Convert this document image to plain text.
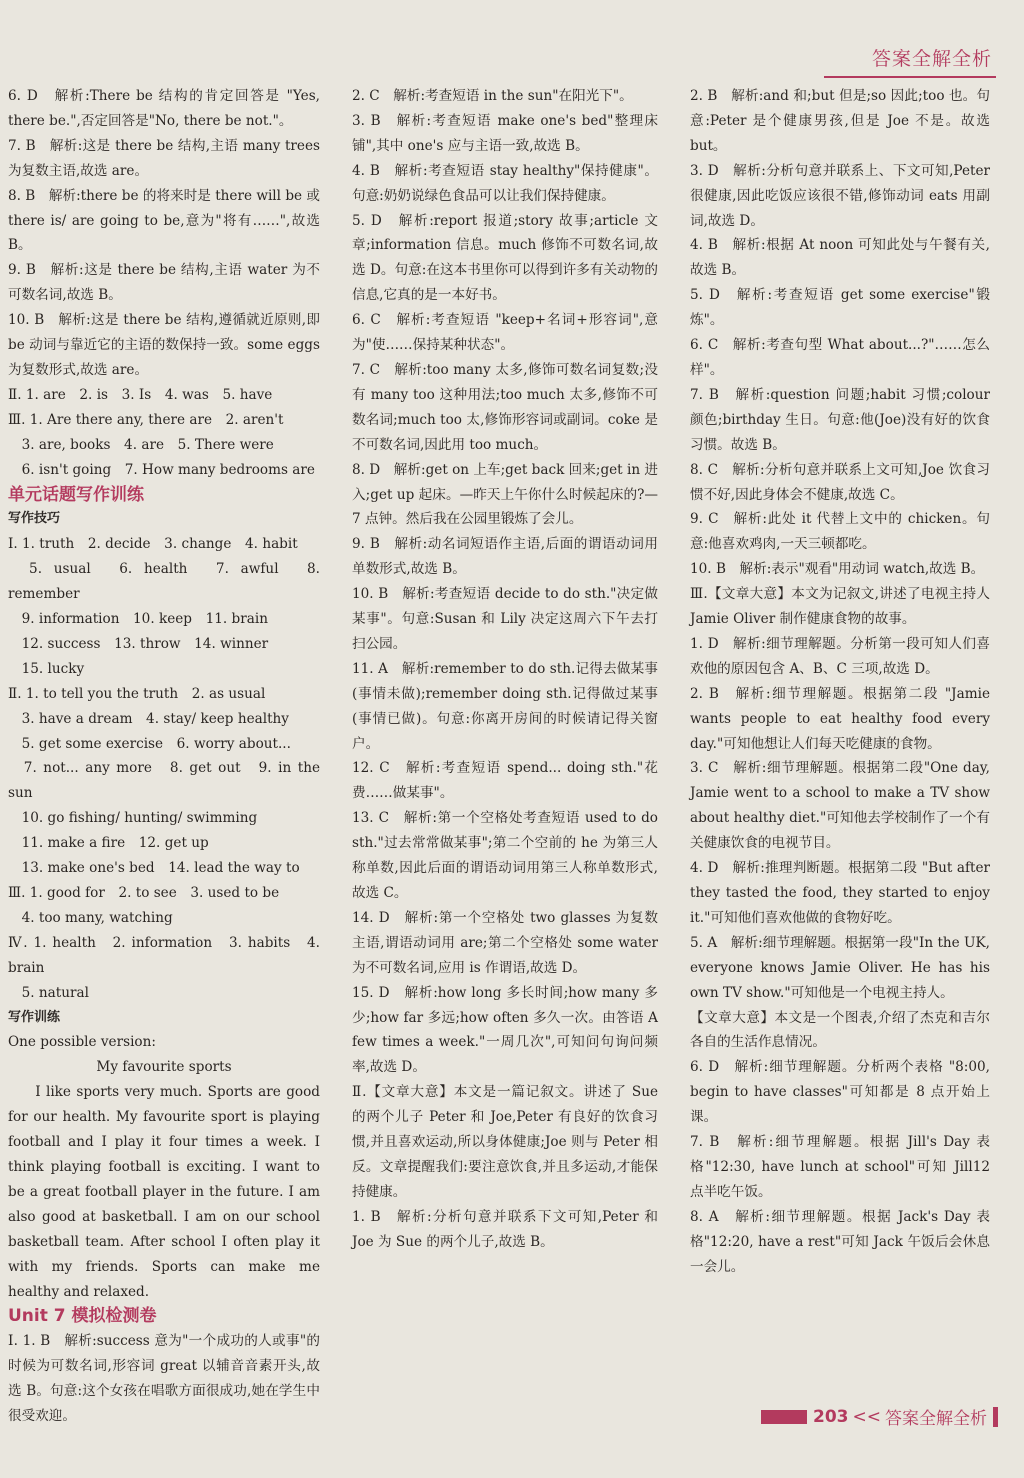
答案全解全析

6. D　解析:There be 结构的肯定回答是 "Yes, there be.",否定回答是"No, there be not."。

7. B　解析:这是 there be 结构,主语 many trees 为复数主语,故选 are。

8. B　解析:there be 的将来时是 there will be 或 there is/ are going to be,意为"将有……",故选 B。

9. B　解析:这是 there be 结构,主语 water 为不可数名词,故选 B。

10. B　解析:这是 there be 结构,遵循就近原则,即 be 动词与靠近它的主语的数保持一致。some eggs 为复数形式,故选 are。

Ⅱ. 1. are　2. is　3. Is　4. was　5. have

Ⅲ. 1. Are there any, there are　2. aren't

　3. are, books　4. are　5. There were

　6. isn't going　7. How many bedrooms are

单元话题写作训练

写作技巧

Ⅰ. 1. truth　2. decide　3. change　4. habit

　5. usual　6. health　7. awful　8. remember

　9. information　10. keep　11. brain

　12. success　13. throw　14. winner

　15. lucky

Ⅱ. 1. to tell you the truth　2. as usual

　3. have a dream　4. stay/ keep healthy

　5. get some exercise　6. worry about...

　7. not... any more　8. get out　9. in the sun

　10. go fishing/ hunting/ swimming

　11. make a fire　12. get up

　13. make one's bed　14. lead the way to

Ⅲ. 1. good for　2. to see　3. used to be

　4. too many, watching

Ⅳ. 1. health　2. information　3. habits　4. brain

　5. natural

写作训练

One possible version:

My favourite sports

I like sports very much. Sports are good for our health. My favourite sport is playing football and I play it four times a week. I think playing football is exciting. I want to be a great football player in the future. I am also good at basketball. I am on our school basketball team. After school I often play it with my friends. Sports can make me healthy and relaxed.

Unit 7 模拟检测卷

Ⅰ. 1. B　解析:success 意为"一个成功的人或事"的时候为可数名词,形容词 great 以辅音音素开头,故选 B。句意:这个女孩在唱歌方面很成功,她在学生中很受欢迎。

2. C　解析:考查短语 in the sun"在阳光下"。

3. B　解析:考查短语 make one's bed"整理床铺",其中 one's 应与主语一致,故选 B。

4. B　解析:考查短语 stay healthy"保持健康"。句意:奶奶说绿色食品可以让我们保持健康。

5. D　解析:report 报道;story 故事;article 文章;information 信息。much 修饰不可数名词,故选 D。句意:在这本书里你可以得到许多有关动物的信息,它真的是一本好书。

6. C　解析:考查短语 "keep+名词+形容词",意为"使……保持某种状态"。

7. C　解析:too many 太多,修饰可数名词复数;没有 many too 这种用法;too much 太多,修饰不可数名词;much too 太,修饰形容词或副词。coke 是不可数名词,因此用 too much。

8. D　解析:get on 上车;get back 回来;get in 进入;get up 起床。—昨天上午你什么时候起床的?—7 点钟。然后我在公园里锻炼了会儿。

9. B　解析:动名词短语作主语,后面的谓语动词用单数形式,故选 B。

10. B　解析:考查短语 decide to do sth."决定做某事"。句意:Susan 和 Lily 决定这周六下午去打扫公园。

11. A　解析:remember to do sth.记得去做某事(事情未做);remember doing sth.记得做过某事(事情已做)。句意:你离开房间的时候请记得关窗户。

12. C　解析:考查短语 spend... doing sth."花费……做某事"。

13. C　解析:第一个空格处考查短语 used to do sth."过去常常做某事";第二个空前的 he 为第三人称单数,因此后面的谓语动词用第三人称单数形式,故选 C。

14. D　解析:第一个空格处 two glasses 为复数主语,谓语动词用 are;第二个空格处 some water 为不可数名词,应用 is 作谓语,故选 D。

15. D　解析:how long 多长时间;how many 多少;how far 多远;how often 多久一次。由答语 A few times a week."一周几次",可知问句询问频率,故选 D。

Ⅱ.【文章大意】本文是一篇记叙文。讲述了 Sue 的两个儿子 Peter 和 Joe,Peter 有良好的饮食习惯,并且喜欢运动,所以身体健康;Joe 则与 Peter 相反。文章提醒我们:要注意饮食,并且多运动,才能保持健康。

1. B　解析:分析句意并联系下文可知,Peter 和 Joe 为 Sue 的两个儿子,故选 B。

2. B　解析:and 和;but 但是;so 因此;too 也。句意:Peter 是个健康男孩,但是 Joe 不是。故选 but。

3. D　解析:分析句意并联系上、下文可知,Peter 很健康,因此吃饭应该很不错,修饰动词 eats 用副词,故选 D。

4. B　解析:根据 At noon 可知此处与午餐有关,故选 B。

5. D　解析:考查短语 get some exercise"锻炼"。

6. C　解析:考查句型 What about...?"……怎么样"。

7. B　解析:question 问题;habit 习惯;colour 颜色;birthday 生日。句意:他(Joe)没有好的饮食习惯。故选 B。

8. C　解析:分析句意并联系上文可知,Joe 饮食习惯不好,因此身体会不健康,故选 C。

9. C　解析:此处 it 代替上文中的 chicken。句意:他喜欢鸡肉,一天三顿都吃。

10. B　解析:表示"观看"用动词 watch,故选 B。

Ⅲ.【文章大意】本文为记叙文,讲述了电视主持人 Jamie Oliver 制作健康食物的故事。

1. D　解析:细节理解题。分析第一段可知人们喜欢他的原因包含 A、B、C 三项,故选 D。

2. B　解析:细节理解题。根据第二段 "Jamie wants people to eat healthy food every day."可知他想让人们每天吃健康的食物。

3. C　解析:细节理解题。根据第二段"One day, Jamie went to a school to make a TV show about healthy diet."可知他去学校制作了一个有关健康饮食的电视节目。

4. D　解析:推理判断题。根据第二段 "But after they tasted the food, they started to enjoy it."可知他们喜欢他做的食物好吃。

5. A　解析:细节理解题。根据第一段"In the UK, everyone knows Jamie Oliver. He has his own TV show."可知他是一个电视主持人。

【文章大意】本文是一个图表,介绍了杰克和吉尔各自的生活作息情况。

6. D　解析:细节理解题。分析两个表格 "8:00, begin to have classes"可知都是 8 点开始上课。

7. B　解析:细节理解题。根据 Jill's Day 表格"12:30, have lunch at school"可知 Jill12 点半吃午饭。

8. A　解析:细节理解题。根据 Jack's Day 表格"12:20, have a rest"可知 Jack 午饭后会休息一会儿。

203 << 答案全解全析
